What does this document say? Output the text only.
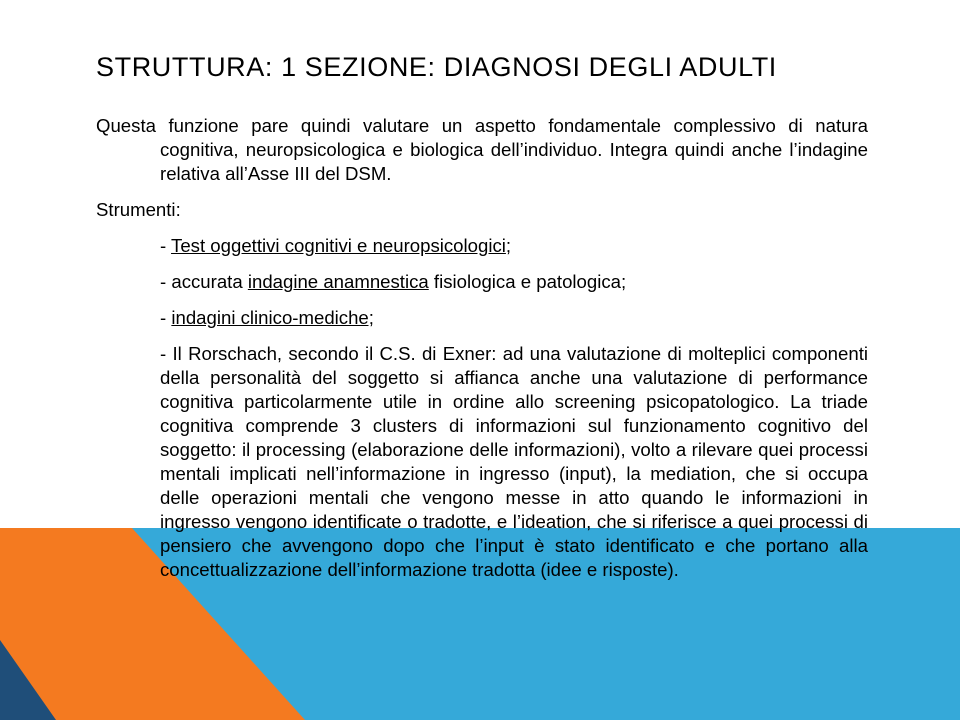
STRUTTURA: 1 SEZIONE: DIAGNOSI DEGLI ADULTI

Questa funzione pare quindi valutare un aspetto fondamentale complessivo di natura cognitiva, neuropsicologica e biologica dell’individuo. Integra quindi anche l’indagine relativa all’Asse III del DSM.

Strumenti:

- Test oggettivi cognitivi e neuropsicologici;

- accurata indagine anamnestica fisiologica e patologica;

- indagini clinico-mediche;

- Il Rorschach, secondo il C.S. di Exner: ad una valutazione di molteplici componenti della personalità del soggetto si affianca anche una valutazione di performance cognitiva particolarmente utile in ordine allo screening psicopatologico. La triade cognitiva comprende 3 clusters di informazioni sul funzionamento cognitivo del soggetto: il processing (elaborazione delle informazioni), volto a rilevare quei processi mentali implicati nell’informazione in ingresso (input), la mediation, che si occupa delle operazioni mentali che vengono messe in atto quando le informazioni in ingresso vengono identificate o tradotte, e l’ideation, che si riferisce a quei processi di pensiero che avvengono dopo che l’input è stato identificato e che portano alla concettualizzazione dell’informazione tradotta (idee e risposte).
